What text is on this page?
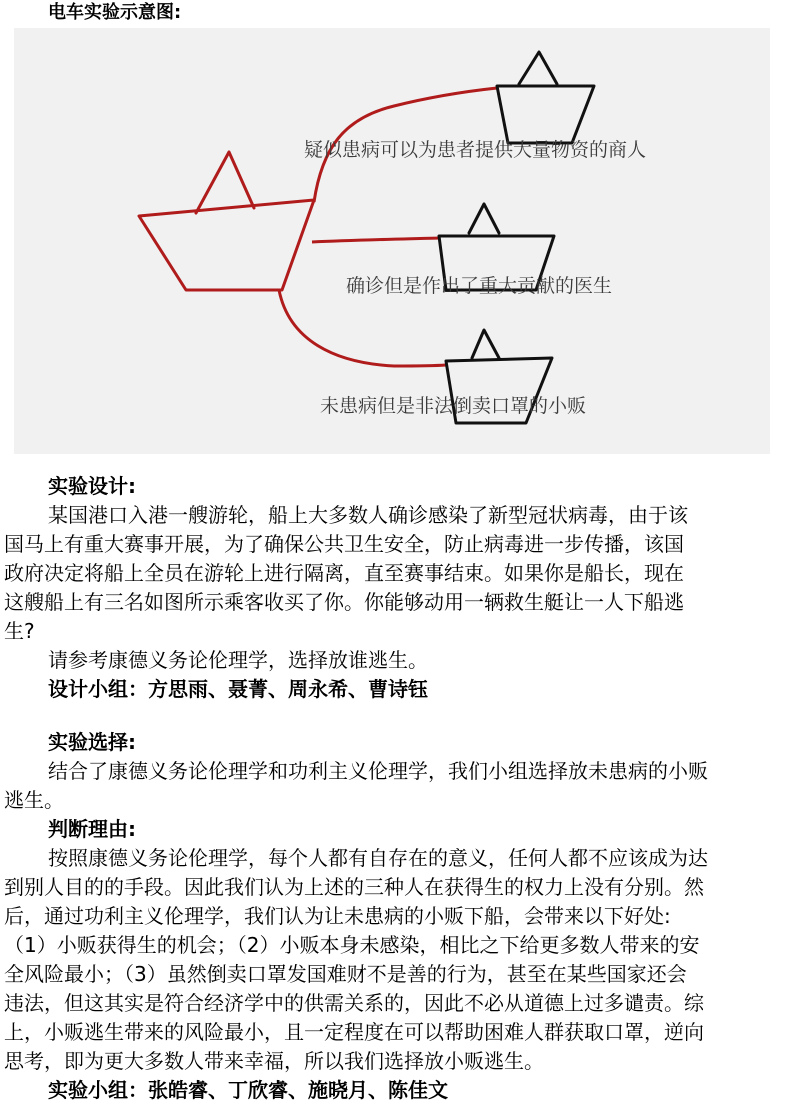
电车实验示意图:
疑似患病可以为患者提供大量物资的商人
确诊但是作出了重大贡献的医生
未患病但是非法倒卖口罩的小贩
实验设计:
某国港口入港一艘游轮，船上大多数人确诊感染了新型冠状病毒，由于该
国马上有重大赛事开展，为了确保公共卫生安全，防止病毒进一步传播，该国
政府决定将船上全员在游轮上进行隔离，直至赛事结束。如果你是船长，现在
这艘船上有三名如图所示乘客收买了你。你能够动用一辆救生艇让一人下船逃
生?
请参考康德义务论伦理学，选择放谁逃生。
设计小组：方思雨、聂菁、周永希、曹诗钰
实验选择:
结合了康德义务论伦理学和功利主义伦理学，我们小组选择放未患病的小贩
逃生。
判断理由:
按照康德义务论伦理学，每个人都有自存在的意义，任何人都不应该成为达
到别人目的的手段。因此我们认为上述的三种人在获得生的权力上没有分别。然
后，通过功利主义伦理学，我们认为让未患病的小贩下船，会带来以下好处:
（1）小贩获得生的机会；（2）小贩本身未感染，相比之下给更多数人带来的安
全风险最小；（3）虽然倒卖口罩发国难财不是善的行为，甚至在某些国家还会
违法，但这其实是符合经济学中的供需关系的，因此不必从道德上过多谴责。综
上，小贩逃生带来的风险最小，且一定程度在可以帮助困难人群获取口罩，逆向
思考，即为更大多数人带来幸福，所以我们选择放小贩逃生。
实验小组：张皓睿、丁欣睿、施晓月、陈佳文
